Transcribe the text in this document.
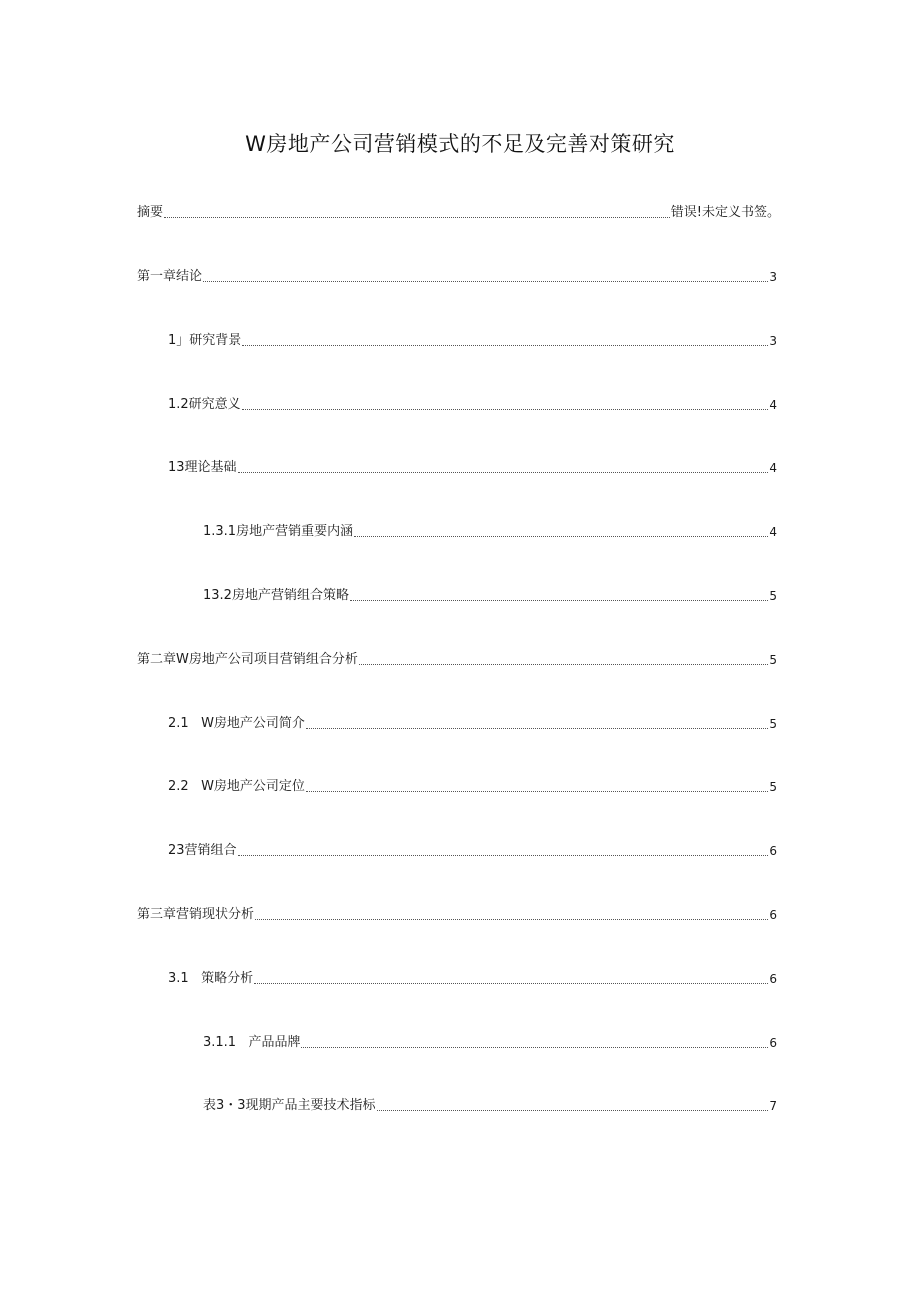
W房地产公司营销模式的不足及完善对策研究
摘要	错误!未定义书签。
第一章结论	3
1」研究背景	3
1.2研究意义	4
13理论基础	4
1.3.1房地产营销重要内涵	4
13.2房地产营销组合策略	5
第二章W房地产公司项目营销组合分析	5
2.1   W房地产公司简介	5
2.2   W房地产公司定位	5
23营销组合	6
第三章营销现状分析	6
3.1   策略分析	6
3.1.1   产品品牌	6
表3・3现期产品主要技术指标	7
